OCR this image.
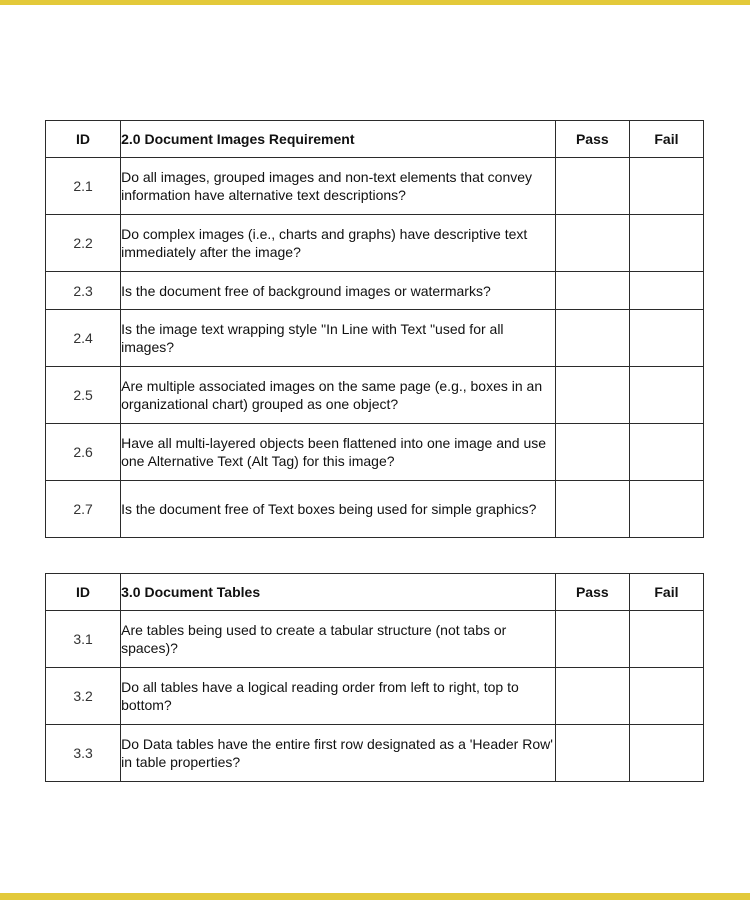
ID	2.0 Document Images Requirement	Pass	Fail
2.1	Do all images, grouped images and non-text elements that convey information have alternative text descriptions?		
2.2	Do complex images (i.e., charts and graphs) have descriptive text immediately after the image?		
2.3	Is the document free of background images or watermarks?		
2.4	Is the image text wrapping style "In Line with Text "used for all images?		
2.5	Are multiple associated images on the same page (e.g., boxes in an organizational chart) grouped as one object?		
2.6	Have all multi-layered objects been flattened into one image and use one Alternative Text (Alt Tag) for this image?		
2.7	Is the document free of Text boxes being used for simple graphics?		
ID	3.0 Document Tables	Pass	Fail
3.1	Are tables being used to create a tabular structure (not tabs or spaces)?		
3.2	Do all tables have a logical reading order from left to right, top to bottom?		
3.3	Do Data tables have the entire first row designated as a 'Header Row' in table properties?		
